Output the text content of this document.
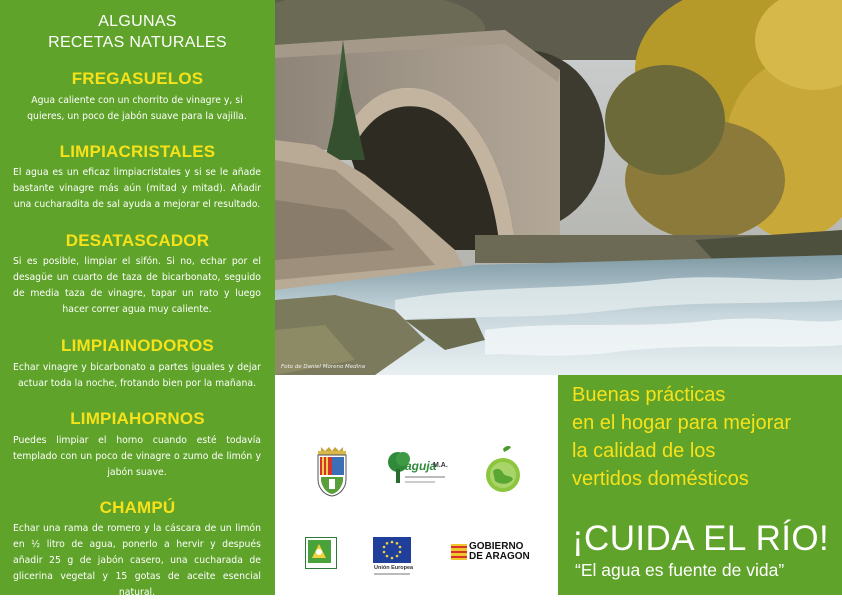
ALGUNAS
RECETAS NATURALES
FREGASUELOS
Agua caliente con un chorrito de vinagre y, si quieres, un poco de jabón suave para la vajilla.
LIMPIACRISTALES
El agua es un eficaz limpiacristales y si se le añade bastante vinagre más aún (mitad y mitad). Añadir una cucharadita de sal ayuda a mejorar el resultado.
DESATASCADOR
Si es posible, limpiar el sifón. Si no, echar por el desagüe un cuarto de taza de bicarbonato, seguido de media taza de vinagre, tapar un rato y luego hacer correr agua muy caliente.
LIMPIAINODOROS
Echar vinagre y bicarbonato a partes iguales y dejar actuar toda la noche, frotando bien por la mañana.
LIMPIAHORNOS
Puedes limpiar el horno cuando esté todavía templado con un poco de vinagre o zumo de limón y jabón suave.
CHAMPÚ
Echar una rama de romero y la cáscara de un limón en ½ litro de agua, ponerlo a hervir y después añadir 25 g de jabón casero, una cucharada de glicerina vegetal y 15 gotas de aceite esencial natural.
Foto de Daniel Moreno Medina
aguja
M.A.
Unión Europea
GOBIERNO
DE ARAGON
Buenas prácticas
en el hogar para mejorar
la calidad de los
vertidos domésticos
¡CUIDA EL RÍO!
“El agua es fuente de vida”
